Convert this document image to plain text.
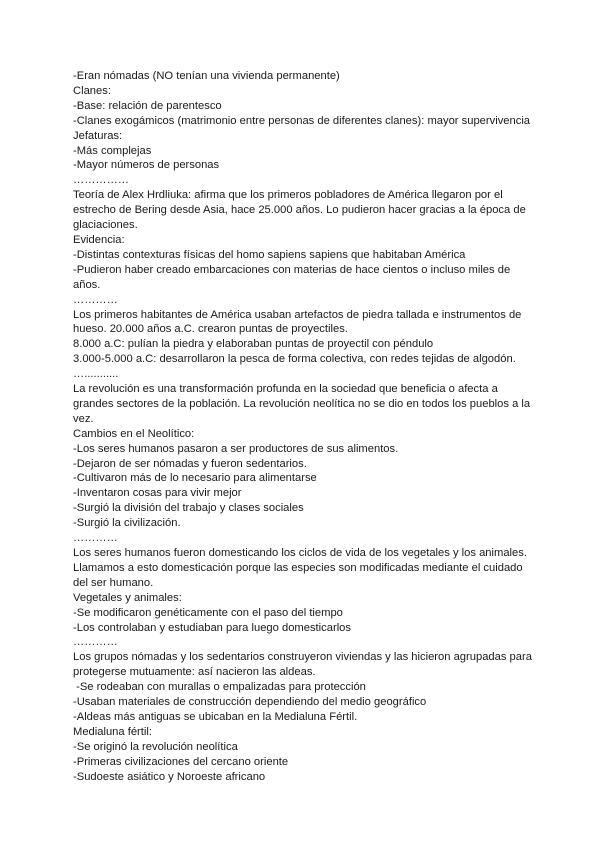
-Eran nómadas (NO tenían una vivienda permanente)
Clanes:
-Base: relación de parentesco
-Clanes exogámicos (matrimonio entre personas de diferentes clanes): mayor supervivencia
Jefaturas:
-Más complejas
-Mayor números de personas
……………
Teoría de Alex Hrdliuka: afirma que los primeros pobladores de América llegaron por el
estrecho de Bering desde Asia, hace 25.000 años. Lo pudieron hacer gracias a la época de
glaciaciones.
Evidencia:
-Distintas contexturas físicas del homo sapiens sapiens que habitaban América
-Pudieron haber creado embarcaciones con materias de hace cientos o incluso miles de
años.
…………
Los primeros habitantes de América usaban artefactos de piedra tallada e instrumentos de
hueso. 20.000 años a.C. crearon puntas de proyectiles.
8.000 a.C: pulían la piedra y elaboraban puntas de proyectil con péndulo
3.000-5.000 a.C: desarrollaron la pesca de forma colectiva, con redes tejidas de algodón.
…...........
La revolución es una transformación profunda en la sociedad que beneficia o afecta a
grandes sectores de la población. La revolución neolítica no se dio en todos los pueblos a la
vez.
Cambios en el Neolítico:
-Los seres humanos pasaron a ser productores de sus alimentos.
-Dejaron de ser nómadas y fueron sedentarios.
-Cultivaron más de lo necesario para alimentarse
-Inventaron cosas para vivir mejor
-Surgió la división del trabajo y clases sociales
-Surgió la civilización.
…………
Los seres humanos fueron domesticando los ciclos de vida de los vegetales y los animales.
Llamamos a esto domesticación porque las especies son modificadas mediante el cuidado
del ser humano.
Vegetales y animales:
-Se modificaron genéticamente con el paso del tiempo
-Los controlaban y estudiaban para luego domesticarlos
…………
Los grupos nómadas y los sedentarios construyeron viviendas y las hicieron agrupadas para
protegerse mutuamente: así nacieron las aldeas.
-Se rodeaban con murallas o empalizadas para protección
-Usaban materiales de construcción dependiendo del medio geográfico
-Aldeas más antiguas se ubicaban en la Medialuna Fértil.
Medialuna fértil:
-Se originó la revolución neolítica
-Primeras civilizaciones del cercano oriente
-Sudoeste asiático y Noroeste africano
